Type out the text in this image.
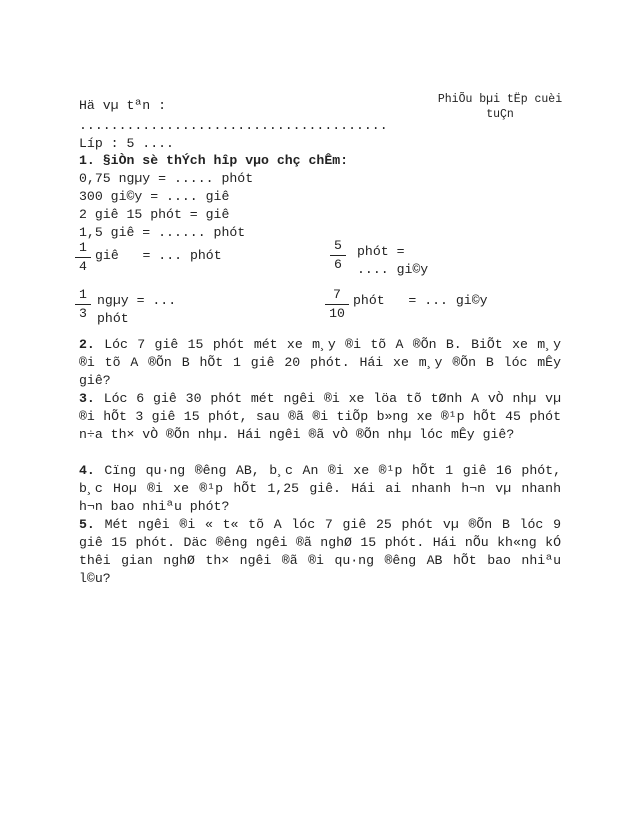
PhiÕu bµi tËp cuèi tuÇn
Hä vµ tªn :
.......................................
Líp : 5 ....
1. §iÒn sè thÝch hîp vµo chç chÊm:
0,75 ngµy = ..... phót
300 gi©y = .... giê
2 giê 15 phót = giê
1,5 giê = ...... phót
1
4
giê   = ... phót
5
6
phót =
.... gi©y
1
3
ngµy = ...
phót
7
10
phót   = ... gi©y
2. Lóc 7 giê 15 phót mét xe m¸y ®i tõ A ®Õn B. BiÕt xe m¸y ®i tõ A ®Õn B hÕt 1 giê 20 phót. Hái xe m¸y ®Õn B lóc mÊy giê?
3. Lóc 6 giê 30 phót mét ngêi ®i xe löa tõ tØnh A vÒ nhµ vµ ®i hÕt 3 giê 15 phót, sau ®ã ®i tiÕp b»ng xe ®¹p hÕt 45 phót n÷a th× vÒ ®Õn nhµ. Hái ngêi ®ã vÒ ®Õn nhµ lóc mÊy giê?
4. Cïng qu·ng ®êng AB, b¸c An ®i xe ®¹p hÕt 1 giê 16 phót, b¸c Hoµ ®i xe ®¹p hÕt 1,25 giê. Hái ai nhanh h¬n vµ nhanh h¬n bao nhiªu phót?
5. Mét ngêi ®i « t« tõ A lóc 7 giê 25 phót vµ ®Õn B lóc 9 giê 15 phót. Däc ®êng ngêi ®ã nghØ 15 phót. Hái nÕu kh«ng kÓ thêi gian nghØ th× ngêi ®ã ®i qu·ng ®êng AB hÕt bao nhiªu l©u?
